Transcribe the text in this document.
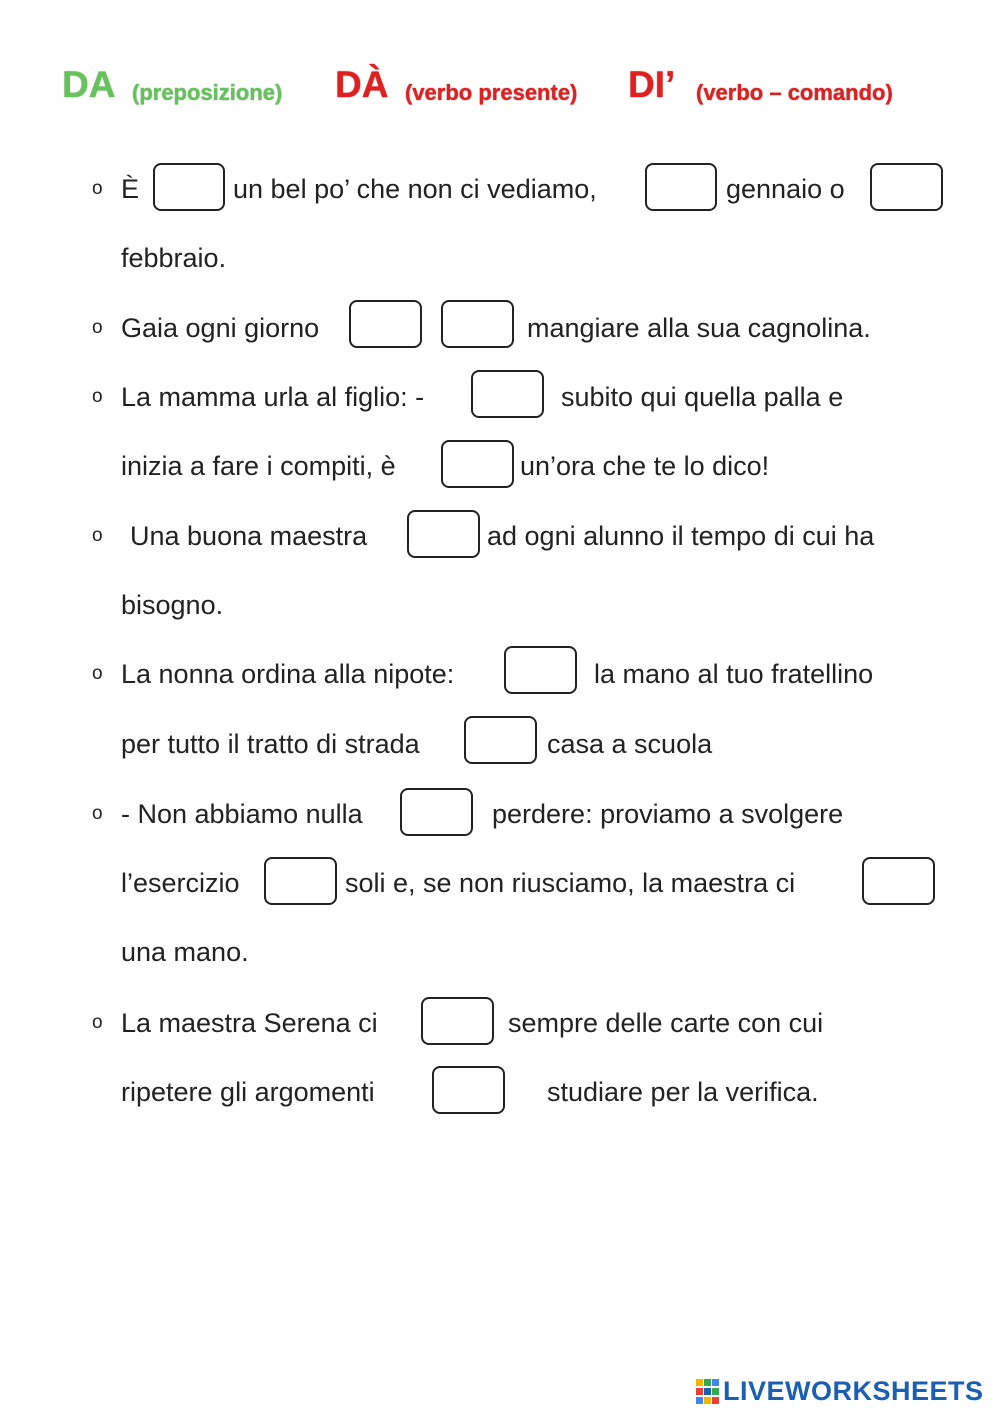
DA (preposizione) DÀ (verbo presente) DI’ (verbo – comando)
o È	un bel po’ che non ci vediamo,	gennaio o
febbraio.
o Gaia ogni giorno	mangiare alla sua cagnolina.
o La mamma urla al figlio: -	subito qui quella palla e
inizia a fare i compiti, è	un’ora che te lo dico!
o Una buona maestra	ad ogni alunno il tempo di cui ha
bisogno.
o La nonna ordina alla nipote:	la mano al tuo fratellino
per tutto il tratto di strada	casa a scuola
o - Non abbiamo nulla	perdere: proviamo a svolgere
l’esercizio	soli e, se non riusciamo, la maestra ci
una mano.
o La maestra Serena ci	sempre delle carte con cui
ripetere gli argomenti	studiare per la verifica.
LIVEWORKSHEETS
